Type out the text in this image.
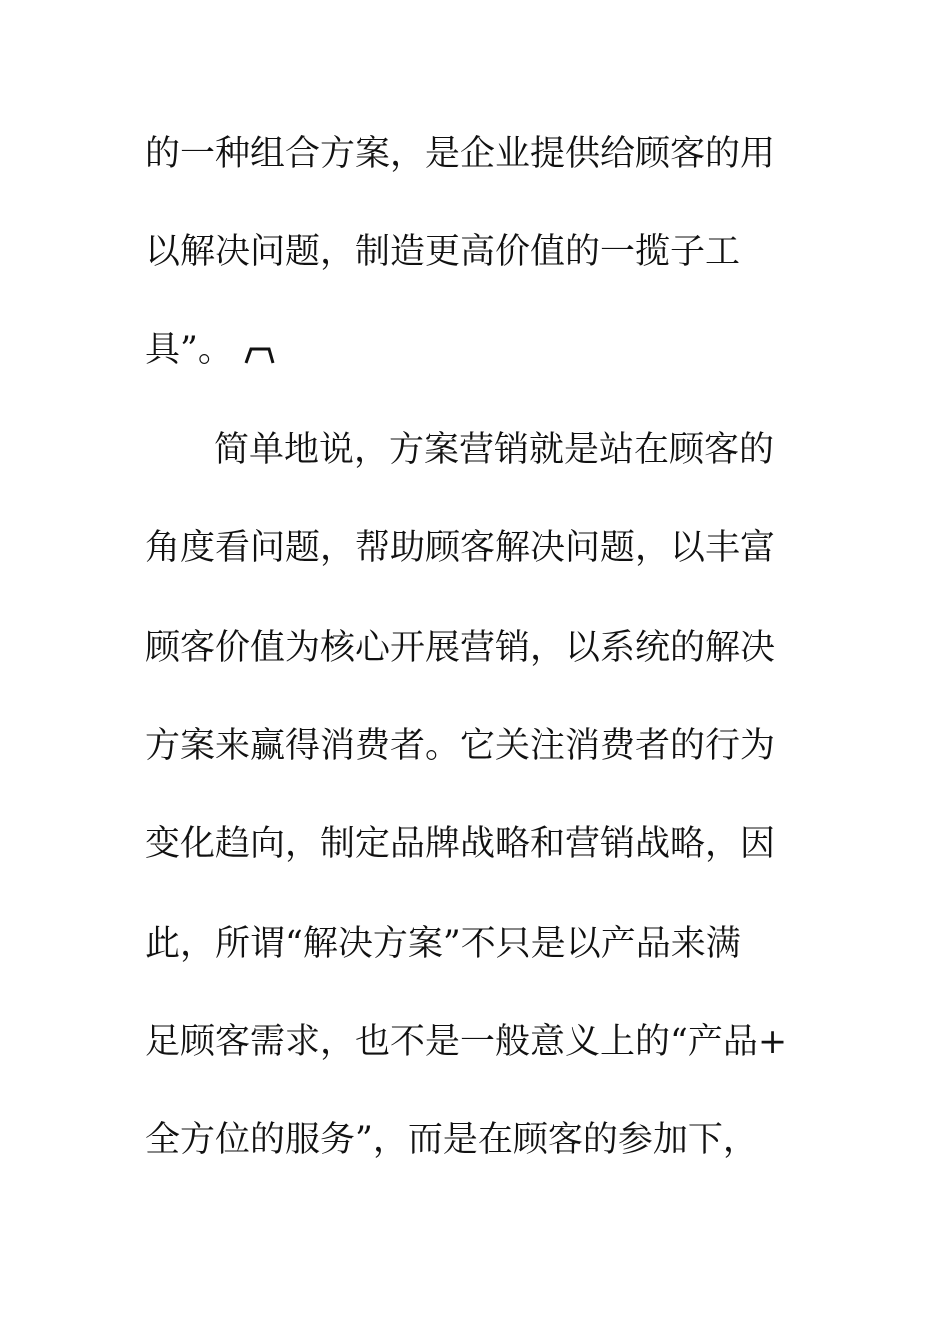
的一种组合方案，是企业提供给顾客的用
以解决问题，制造更高价值的一揽子工
具”。
简单地说，方案营销就是站在顾客的
角度看问题，帮助顾客解决问题，以丰富
顾客价值为核心开展营销，以系统的解决
方案来赢得消费者。它关注消费者的行为
变化趋向，制定品牌战略和营销战略，因
此，所谓“解决方案”不只是以产品来满
足顾客需求，也不是一般意义上的“产品+
全方位的服务”，而是在顾客的参加下，
